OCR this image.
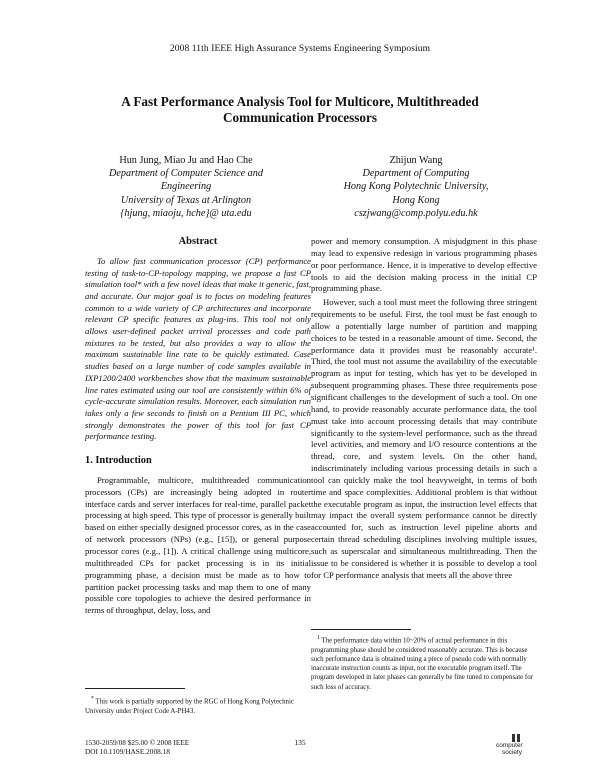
2008 11th IEEE High Assurance Systems Engineering Symposium
A Fast Performance Analysis Tool for Multicore, Multithreaded
Communication Processors
Hun Jung, Miao Ju and Hao Che
Department of Computer Science and
Engineering
University of Texas at Arlington
{hjung, miaoju, hche}@ uta.edu
Zhijun Wang
Department of Computing
Hong Kong Polytechnic University,
Hong Kong
cszjwang@comp.polyu.edu.hk
Abstract

To allow fast communication processor (CP) performance testing of task-to-CP-topology mapping, we propose a fast CP simulation tool* with a few novel ideas that make it generic, fast, and accurate. Our major goal is to focus on modeling features common to a wide variety of CP architectures and incorporate relevant CP specific features as plug-ins. This tool not only allows user-defined packet arrival processes and code path mixtures to be tested, but also provides a way to allow the maximum sustainable line rate to be quickly estimated. Case studies based on a large number of code samples available in IXP1200/2400 workbenches show that the maximum sustainable line rates estimated using our tool are consistently within 6% of cycle-accurate simulation results. Moreover, each simulation run takes only a few seconds to finish on a Pentium III PC, which strongly demonstrates the power of this tool for fast CP performance testing.

1. Introduction

Programmable, multicore, multithreaded communication processors (CPs) are increasingly being adopted in router interface cards and server interfaces for real-time, parallel packet processing at high speed. This type of processor is generally built based on either specially designed processor cores, as in the case of network processors (NPs) (e.g., [15]), or general purpose processor cores (e.g., [1]). A critical challenge using multicore, multithreaded CPs for packet processing is in its initial programming phase, a decision must be made as to how to partition packet processing tasks and map them to one of many possible core topologies to achieve the desired performance in terms of throughput, delay, loss, and

power and memory consumption. A misjudgment in this phase may lead to expensive redesign in various programming phases or poor performance. Hence, it is imperative to develop effective tools to aid the decision making process in the initial CP programming phase.

However, such a tool must meet the following three stringent requirements to be useful. First, the tool must be fast enough to allow a potentially large number of partition and mapping choices to be tested in a reasonable amount of time. Second, the performance data it provides must be reasonably accurate¹. Third, the tool must not assume the availability of the executable program as input for testing, which has yet to be developed in subsequent programming phases. These three requirements pose significant challenges to the development of such a tool. On one hand, to provide reasonably accurate performance data, the tool must take into account processing details that may contribute significantly to the system-level performance, such as the thread level activities, and memory and I/O resource contentions at the thread, core, and system levels. On the other hand, indiscriminately including various processing details in such a tool can quickly make the tool heavyweight, in terms of both time and space complexities. Additional problem is that without the executable program as input, the instruction level effects that may impact the overall system performance cannot be directly accounted for, such as instruction level pipeline aborts and certain thread scheduling disciplines involving multiple issues, such as superscalar and simultaneous multithreading. Then the issue to be considered is whether it is possible to develop a tool for CP performance analysis that meets all the above three

* This work is partially supported by the RGC of Hong Kong Polytechnic University under Project Code A-PH43.

$^1$ The performance data within 10~20% of actual performance in this programming phase should be considered reasonably accurate. This is because such performance data is obtained using a piece of pseudo code with normally inaccurate instruction counts as input, not the executable program itself. The program developed in later phases can generally be fine tuned to compensate for such loss of accuracy.

1530-2059/08 $25.00 © 2008 IEEE
DOI 10.1109/HASE.2008.18
135	computer
society
